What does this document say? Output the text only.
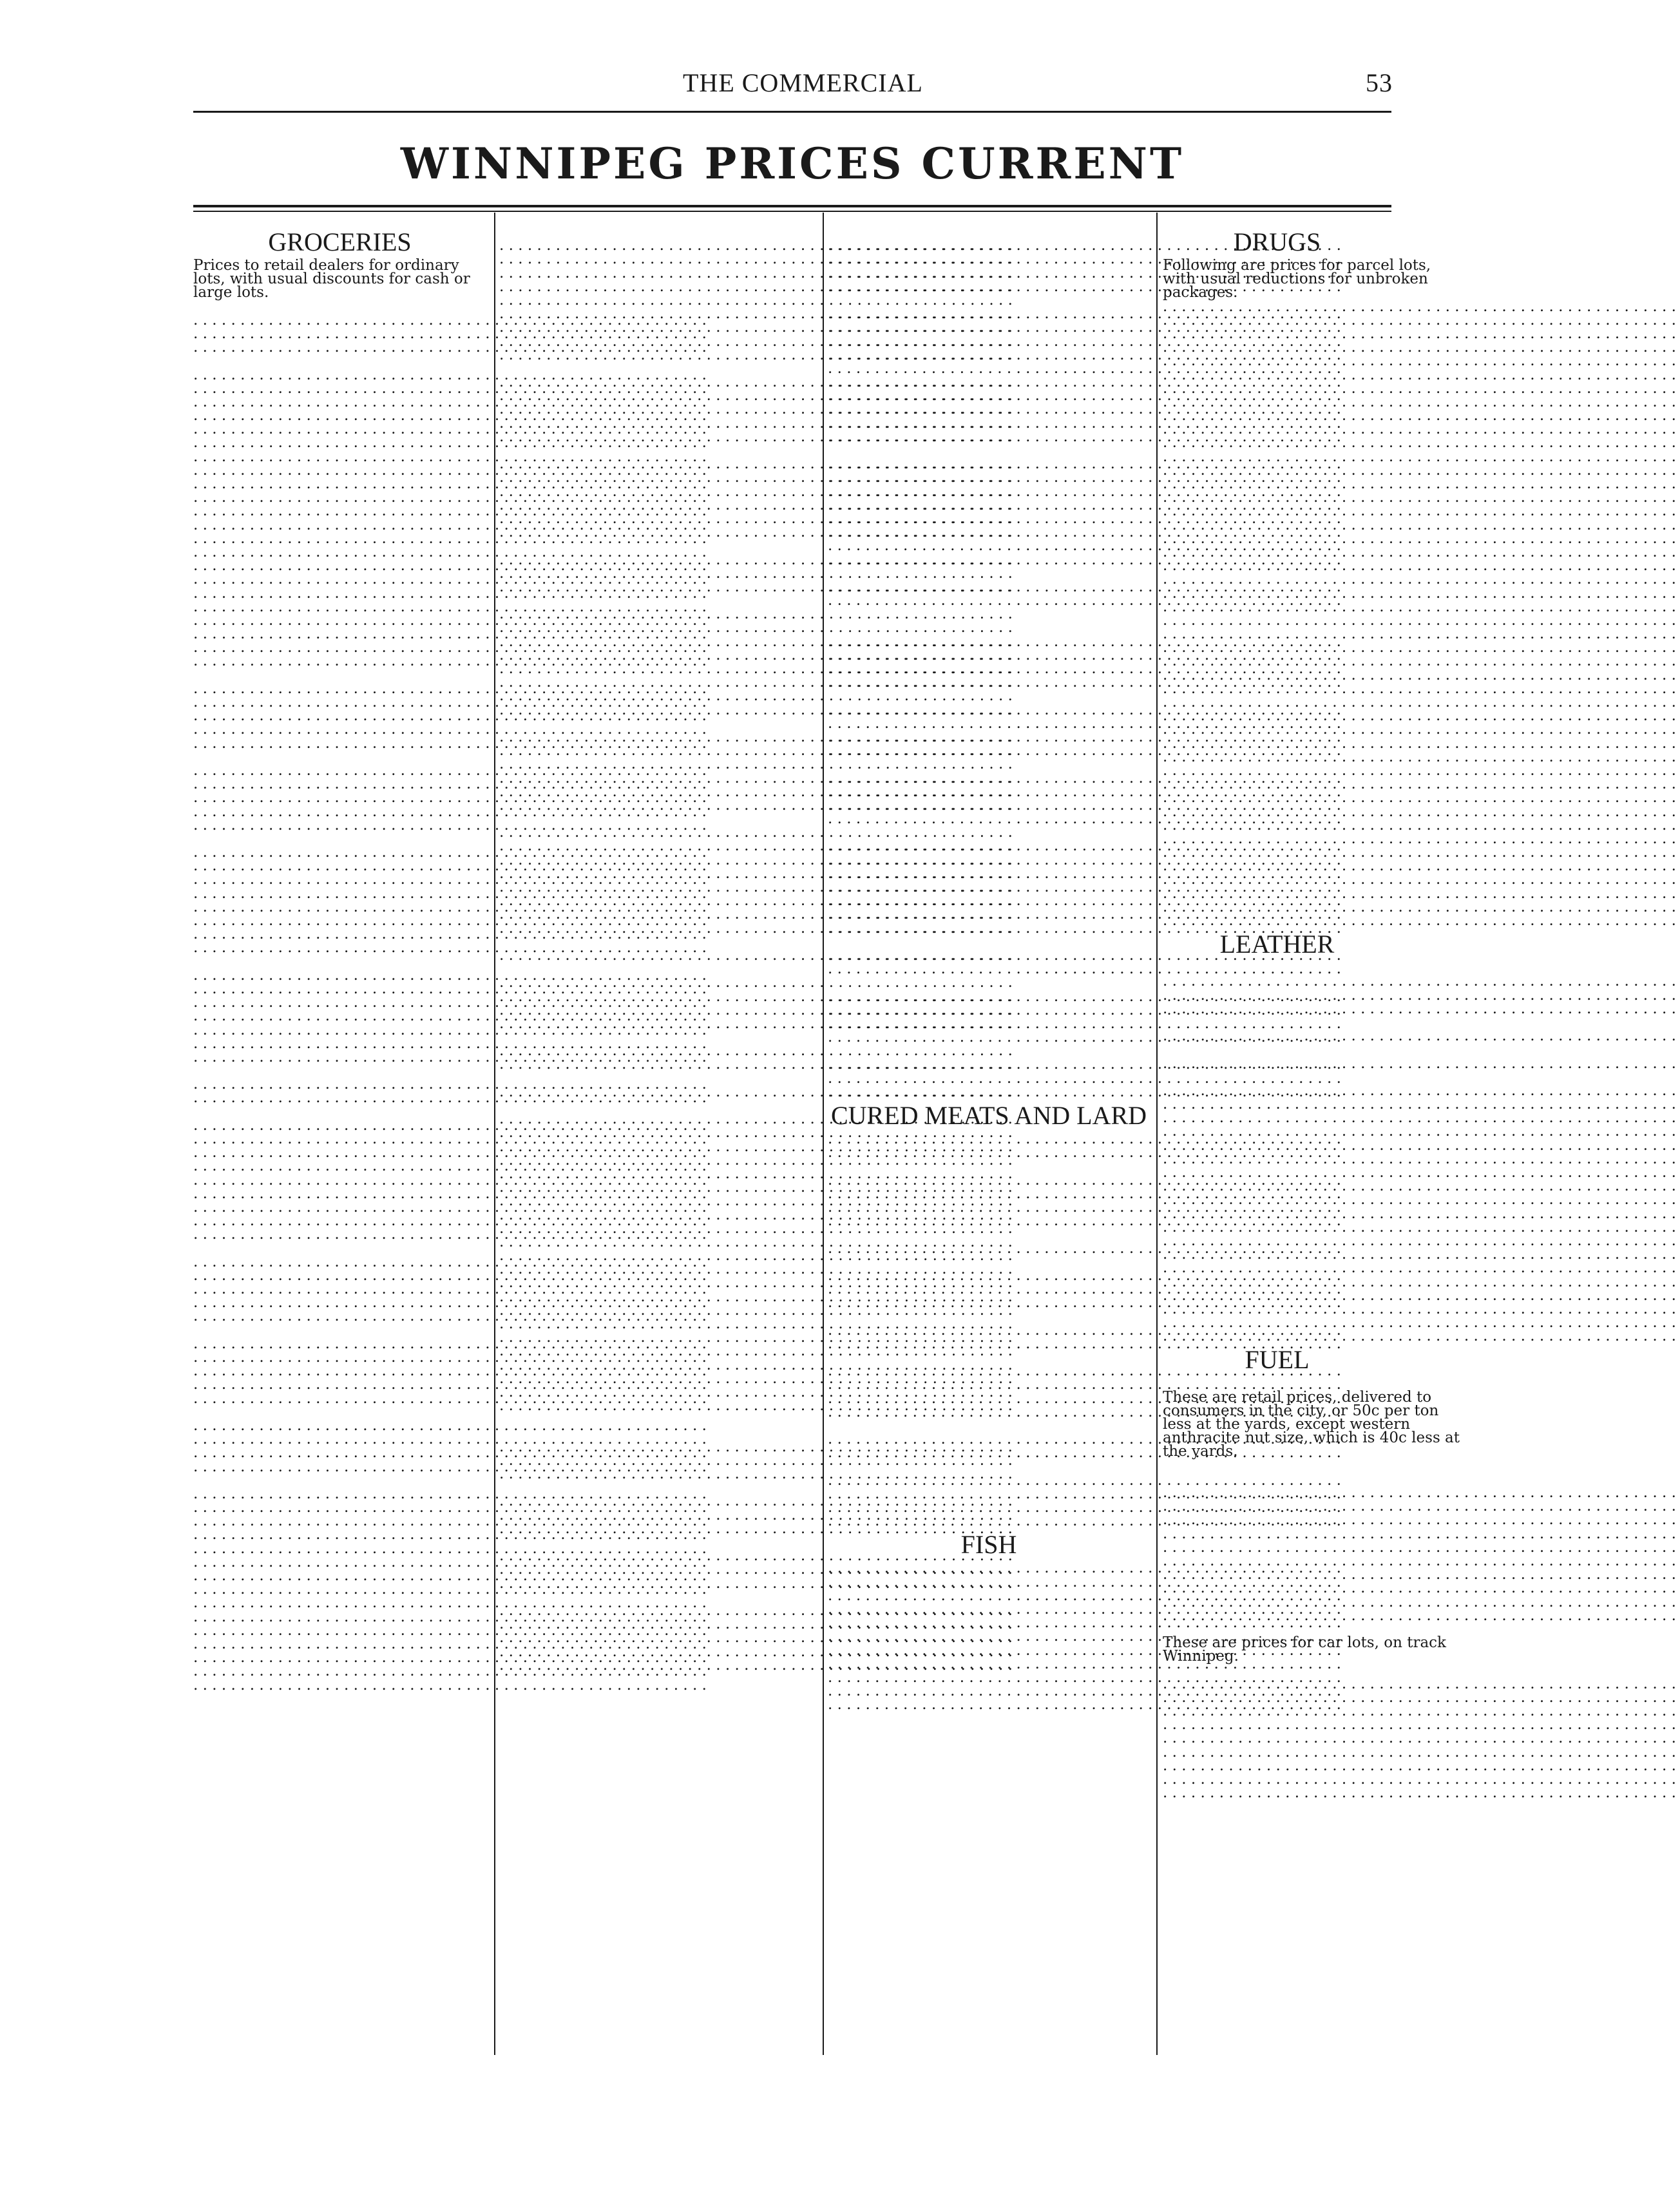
THE COMMERCIAL	53
WINNIPEG PRICES CURRENT
GROCERIES
Prices to retail dealers for ordinary
lots, with usual discounts for cash or
large lots.
. . .
. . .
. . .
. . .
. . .
. . .
. . .
. . .
. . .
. . .
. . .
. . .
. . .
. . .
. . .
. . .
. . .
. . .
. . .
. . .
. . .
. . .
. . .
. . .
. . .
. . .
. . .
. . .
. . .
. . .
. . .
. . .
. . .
. . .
. . .
. . .
. . .
. . .
. . .
. . .
. . .
. . .
. . .
. . .
. . .
. . .
. . .
. . .
. . .
. . .
. . .
. . .
. . .
. . .
. . .
. . .
. . .
. . .
. . .
. . .
. . .
. . .
. . .
. . .
. . .
. . .
. . .
. . .
. . .
. . .
. . .
. . .
. . .
. . .
. . .
. . .
. . .
. . .
. . .
. . .
. . .
. . .
. . .
. . .
. . .
. . .
. . .
. . .
. . .
. . .
. . .
. . .
. . .
. . .
. . .
. . .
. . .
. . .
. . .
. . .
. . .
. . .
. . .
. . .
. . .
. . .
. . .
. . .
. . .
. . .
. . .
. . .
. . .
. . .
. . .
. . .
. . .
. . .
. . .
. . .
. . .
. . .
. . .
. . .
. . .
. . .
. . .
. . .
. . .
. . .
. . .
. . .
. . .
. . .
. . .
. . .
. . .
. . .
. . .
. . .
. . .
. . .
. . .
. . .
. . .
. . .
. . .
. . .
. . .
. . .
. . .
. . .
. . .
. . .
. . .
. . .
. . .
. . .
. . .
. . .
. . .
. . .
. . .
. . .
. . .
. . .
. . .
. . .
. . .
. . .
. . .
. . .
. . .
. . .
. . .
. . .
. . .
. . .
. . .
. . .
. . .
. . .
. . .
. . .
. . .
. . .
. . .
. . .
. . .
. . .
. . .
. . .
. . .
. . .
. . .
. . .
. . .
. . .
. . .
. . .
. . .
. . .
. . .
. . .
. . .
. . .
. . .
. . .
. . .
. . .
. . .
. . .
. . .
. . .
. . .
. . .
. . .
. . .
. . .
. . .
. . .
. . .
. . .
. . .
. . .
. . .
. . .
. . .
. . .
. . .
. . .
CURED MEATS AND LARD
. . .
. . .
. . .
. . .
. . .
. . .
. . .
. . .
. . .
. . .
. . .
. . .
. . .
. . .
. . .
. . .
. . .
. . .
. . .
. . .
. . .
. . .
FISH
. . .
. . .
. . .
. . .
. . .
. . .
. . .
. . .
. . .
. . .
. . .
DRUGS
Following are prices for parcel lots,
with usual reductions for unbroken
packages.
. . .
. . .
. . .
. . .
. . .
. . .
. . .
. . .
. . .
. . .
. . .
. . .
. . .
. . .
. . .
. . .
. . .
. . .
. . .
. . .
. . .
. . .
. . .
. . .
. . .
. . .
. . .
. . .
. . .
. . .
. . .
. . .
. . .
. . .
. . .
. . .
. . .
. . .
. . .
. . .
. . .
. . .
. . .
. . .
. . .
. . .
LEATHER
. . .
. . .
. . .
. . .
. . .
. . .
. . .
. . .
. . .
. . .
. . .
. . .
. . .
. . .
. . .
. . .
. . .
. . .
. . .
. . .
. . .
. . .
. . .
. . .
FUEL
These are retail prices, delivered to
consumers in the city, or 50c per ton
less at the yards, except western
anthracite nut size, which is 40c less at
the yards.
. . .
. . .
. . .
. . .
. . .
. . .
. . .
. . .
. . .
. . .
These are prices for car lots, on track
Winnipeg.
. . .
. . .
. . .
. . .
. . .
. . .
. . .
. . .
. . .
